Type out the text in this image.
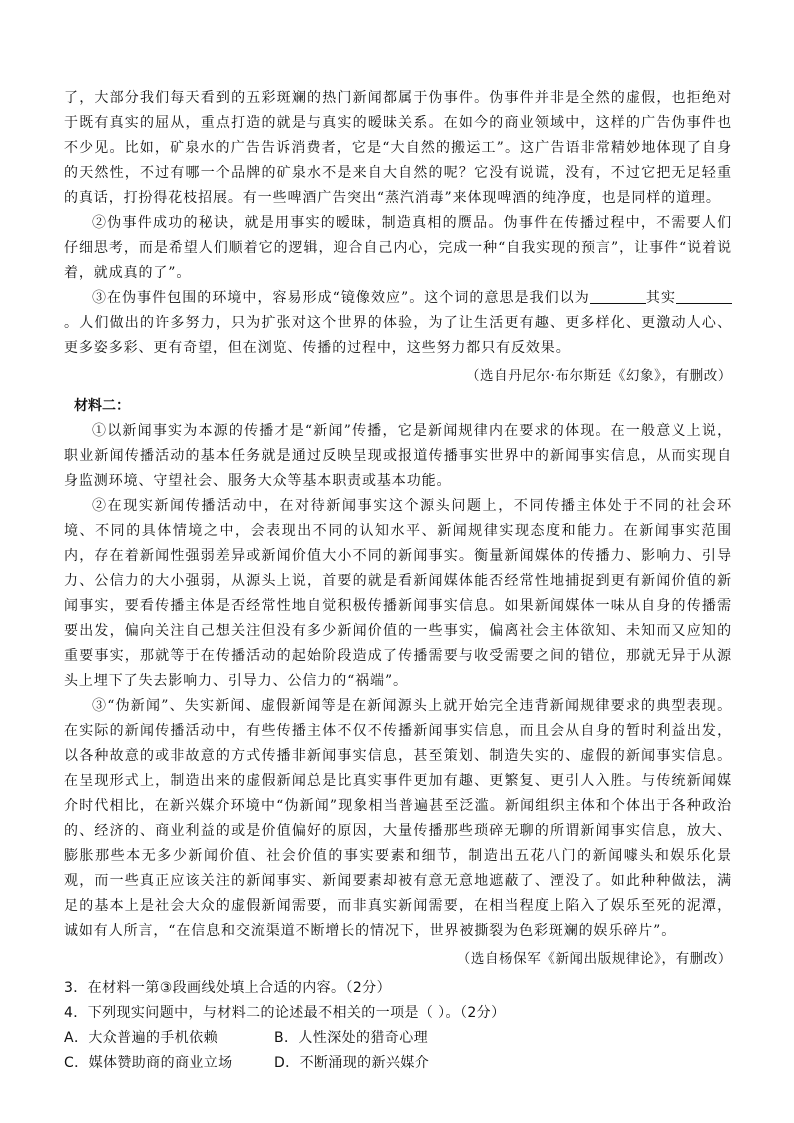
了，大部分我们每天看到的五彩斑斓的热门新闻都属于伪事件。伪事件并非是全然的虚假，也拒绝对于既有真实的屈从，重点打造的就是与真实的暧昧关系。在如今的商业领域中，这样的广告伪事件也不少见。比如，矿泉水的广告告诉消费者，它是“大自然的搬运工”。这广告语非常精妙地体现了自身的天然性，不过有哪一个品牌的矿泉水不是来自大自然的呢？它没有说谎，没有，不过它把无足轻重的真话，打扮得花枝招展。有一些啤酒广告突出“蒸汽消毒”来体现啤酒的纯净度，也是同样的道理。

②伪事件成功的秘诀，就是用事实的暧昧，制造真相的赝品。伪事件在传播过程中，不需要人们仔细思考，而是希望人们顺着它的逻辑，迎合自己内心，完成一种“自我实现的预言”，让事件“说着说着，就成真的了”。

③在伪事件包围的环境中，容易形成“镜像效应”。这个词的意思是我们以为	其实。人们做出的许多努力，只为扩张对这个世界的体验，为了让生活更有趣、更多样化、更激动人心、更多姿多彩、更有奇望，但在浏览、传播的过程中，这些努力都只有反效果。

（选自丹尼尔·布尔斯廷《幻象》，有删改）

材料二：

①以新闻事实为本源的传播才是“新闻”传播，它是新闻规律内在要求的体现。在一般意义上说，职业新闻传播活动的基本任务就是通过反映呈现或报道传播事实世界中的新闻事实信息，从而实现自身监测环境、守望社会、服务大众等基本职责或基本功能。

②在现实新闻传播活动中，在对待新闻事实这个源头问题上，不同传播主体处于不同的社会环境、不同的具体情境之中，会表现出不同的认知水平、新闻规律实现态度和能力。在新闻事实范围内，存在着新闻性强弱差异或新闻价值大小不同的新闻事实。衡量新闻媒体的传播力、影响力、引导力、公信力的大小强弱，从源头上说，首要的就是看新闻媒体能否经常性地捕捉到更有新闻价值的新闻事实，要看传播主体是否经常性地自觉积极传播新闻事实信息。如果新闻媒体一味从自身的传播需要出发，偏向关注自己想关注但没有多少新闻价值的一些事实，偏离社会主体欲知、未知而又应知的重要事实，那就等于在传播活动的起始阶段造成了传播需要与收受需要之间的错位，那就无异于从源头上埋下了失去影响力、引导力、公信力的“祸端”。

③“伪新闻”、失实新闻、虚假新闻等是在新闻源头上就开始完全违背新闻规律要求的典型表现。在实际的新闻传播活动中，有些传播主体不仅不传播新闻事实信息，而且会从自身的暂时利益出发，以各种故意的或非故意的方式传播非新闻事实信息，甚至策划、制造失实的、虚假的新闻事实信息。在呈现形式上，制造出来的虚假新闻总是比真实事件更加有趣、更繁复、更引人入胜。与传统新闻媒介时代相比，在新兴媒介环境中“伪新闻”现象相当普遍甚至泛滥。新闻组织主体和个体出于各种政治的、经济的、商业利益的或是价值偏好的原因，大量传播那些琐碎无聊的所谓新闻事实信息，放大、膨胀那些本无多少新闻价值、社会价值的事实要素和细节，制造出五花八门的新闻噱头和娱乐化景观，而一些真正应该关注的新闻事实、新闻要素却被有意无意地遮蔽了、湮没了。如此种种做法，满足的基本上是社会大众的虚假新闻需要，而非真实新闻需要，在相当程度上陷入了娱乐至死的泥潭，诚如有人所言，“在信息和交流渠道不断增长的情况下，世界被撕裂为色彩斑斓的娱乐碎片”。

（选自杨保军《新闻出版规律论》，有删改）

3．在材料一第③段画线处填上合适的内容。（2分）

4．下列现实问题中，与材料二的论述最不相关的一项是（ ）。（2分）

A．大众普遍的手机依赖	B．人性深处的猎奇心理
C．媒体赞助商的商业立场	D．不断涌现的新兴媒介
